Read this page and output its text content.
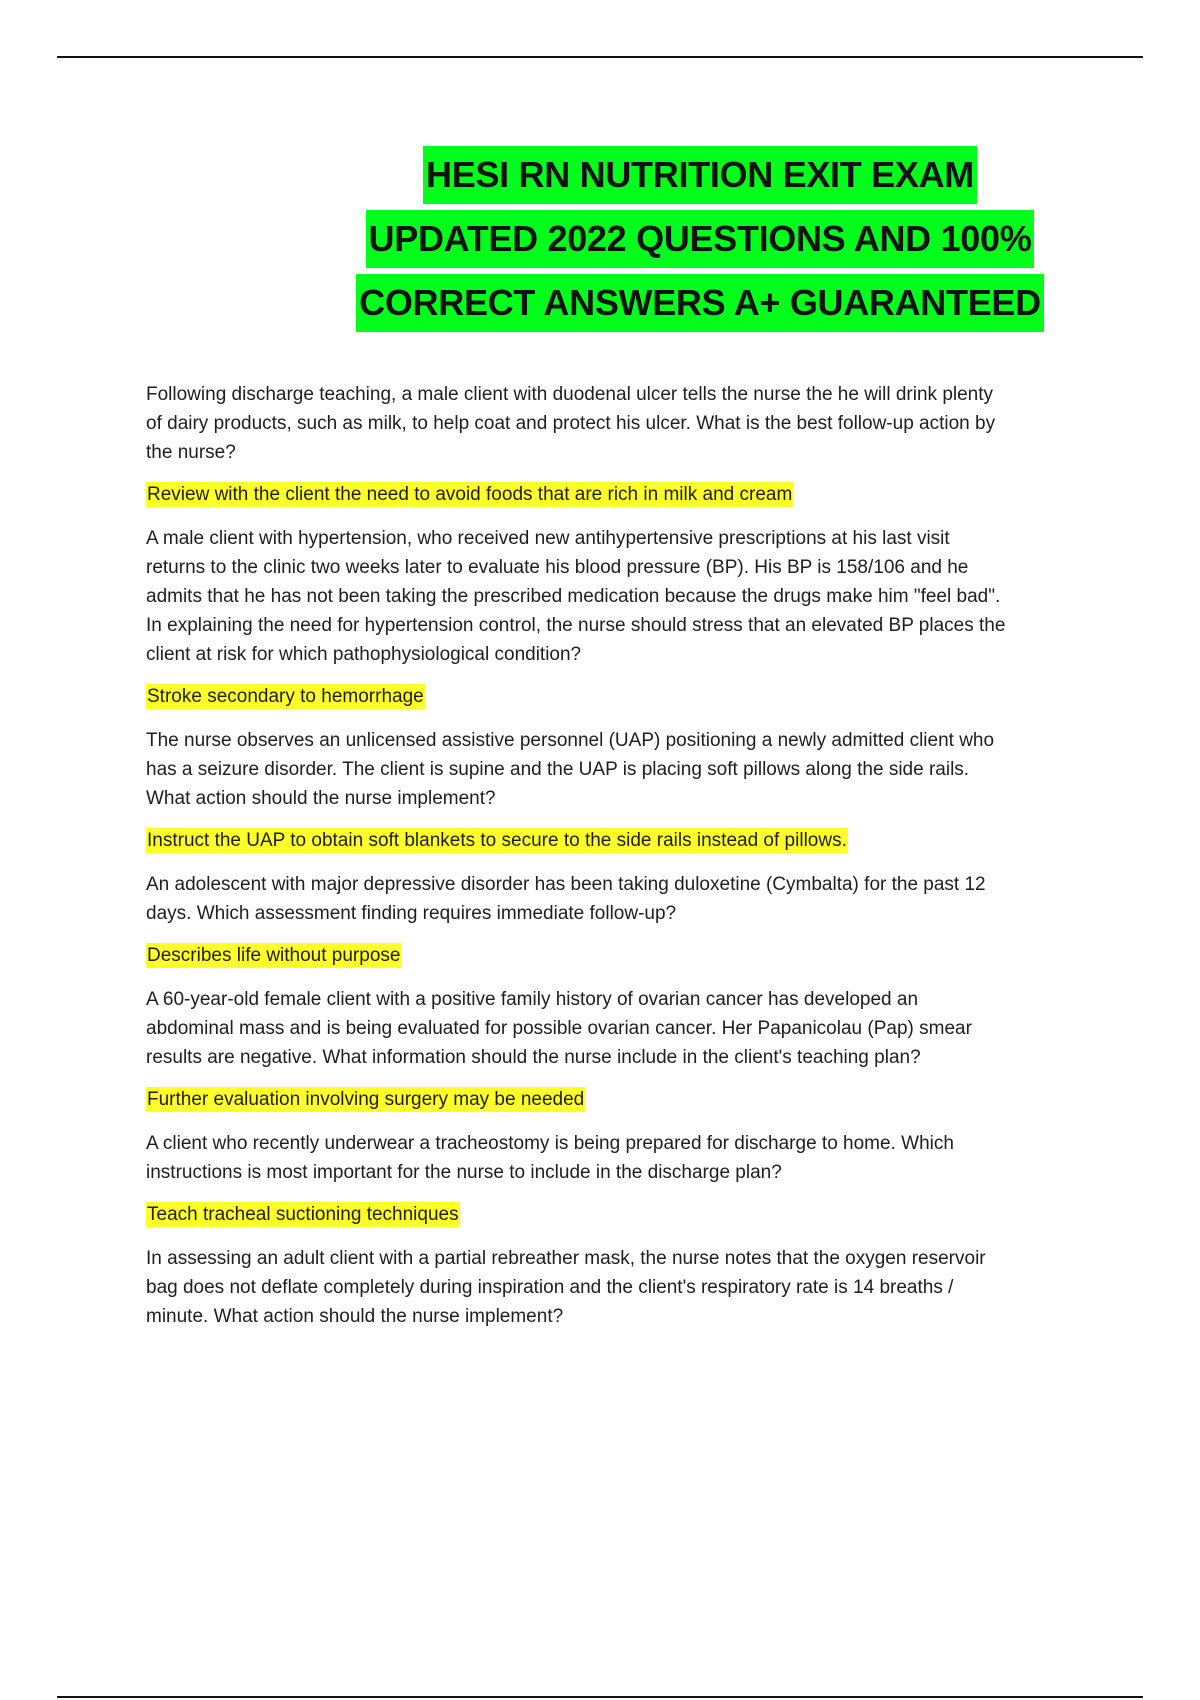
HESI RN NUTRITION EXIT EXAM
UPDATED 2022 QUESTIONS AND 100%
CORRECT ANSWERS A+ GUARANTEED

Following discharge teaching, a male client with duodenal ulcer tells the nurse the he will drink plenty of dairy products, such as milk, to help coat and protect his ulcer. What is the best follow-up action by the nurse?

Review with the client the need to avoid foods that are rich in milk and cream

A male client with hypertension, who received new antihypertensive prescriptions at his last visit returns to the clinic two weeks later to evaluate his blood pressure (BP). His BP is 158/106 and he admits that he has not been taking the prescribed medication because the drugs make him "feel bad". In explaining the need for hypertension control, the nurse should stress that an elevated BP places the client at risk for which pathophysiological condition?

Stroke secondary to hemorrhage

The nurse observes an unlicensed assistive personnel (UAP) positioning a newly admitted client who has a seizure disorder. The client is supine and the UAP is placing soft pillows along the side rails. What action should the nurse implement?

Instruct the UAP to obtain soft blankets to secure to the side rails instead of pillows.

An adolescent with major depressive disorder has been taking duloxetine (Cymbalta) for the past 12 days. Which assessment finding requires immediate follow-up?

Describes life without purpose

A 60-year-old female client with a positive family history of ovarian cancer has developed an abdominal mass and is being evaluated for possible ovarian cancer. Her Papanicolau (Pap) smear results are negative. What information should the nurse include in the client's teaching plan?

Further evaluation involving surgery may be needed

A client who recently underwear a tracheostomy is being prepared for discharge to home. Which instructions is most important for the nurse to include in the discharge plan?

Teach tracheal suctioning techniques

In assessing an adult client with a partial rebreather mask, the nurse notes that the oxygen reservoir bag does not deflate completely during inspiration and the client's respiratory rate is 14 breaths / minute. What action should the nurse implement?
